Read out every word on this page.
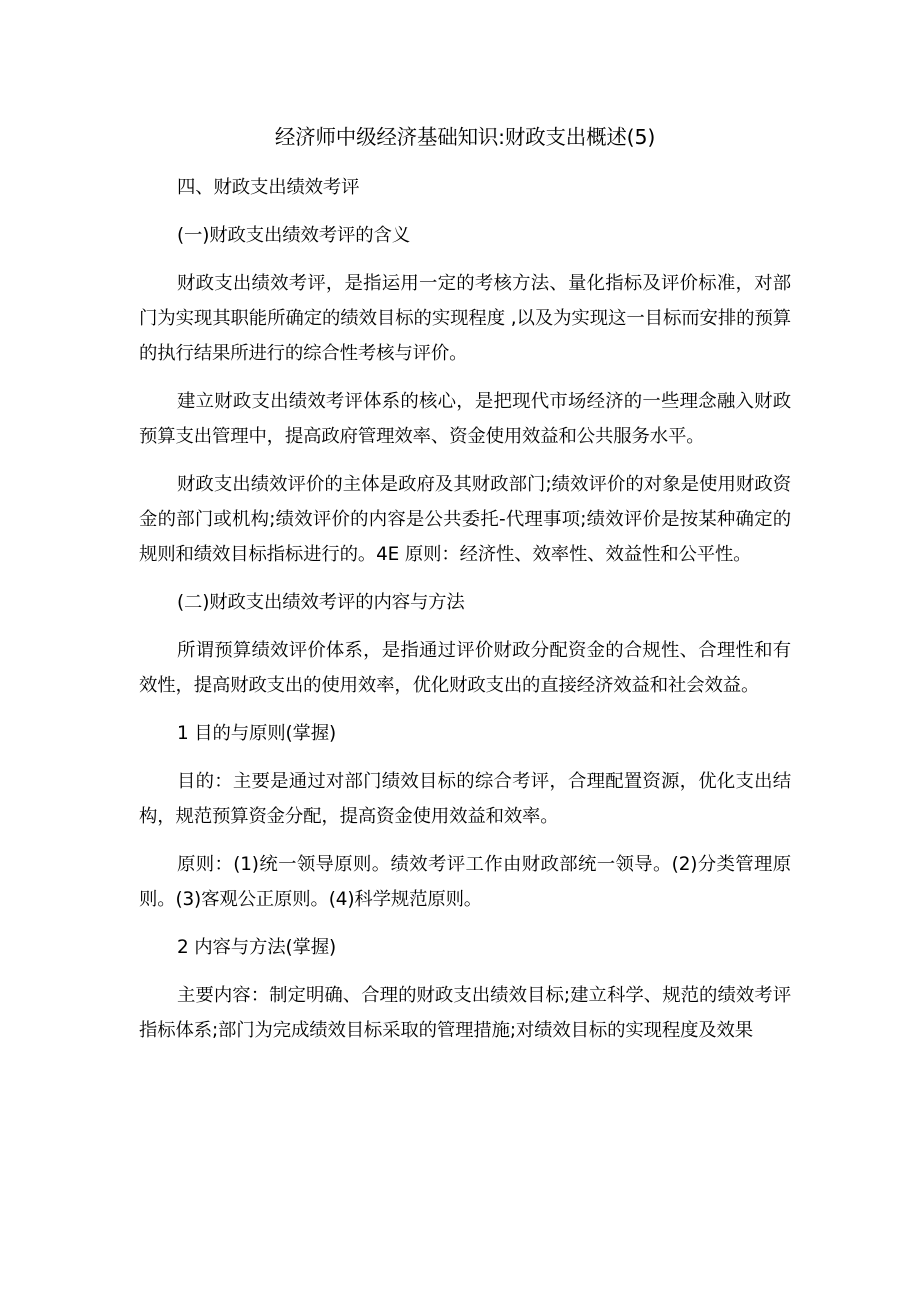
经济师中级经济基础知识:财政支出概述(5)

四、财政支出绩效考评

(一)财政支出绩效考评的含义

财政支出绩效考评，是指运用一定的考核方法、量化指标及评价标准，对部门为实现其职能所确定的绩效目标的实现程度 ,以及为实现这一目标而安排的预算的执行结果所进行的综合性考核与评价。

建立财政支出绩效考评体系的核心，是把现代市场经济的一些理念融入财政预算支出管理中，提高政府管理效率、资金使用效益和公共服务水平。

财政支出绩效评价的主体是政府及其财政部门;绩效评价的对象是使用财政资金的部门或机构;绩效评价的内容是公共委托-代理事项;绩效评价是按某种确定的规则和绩效目标指标进行的。4E 原则：经济性、效率性、效益性和公平性。

(二)财政支出绩效考评的内容与方法

所谓预算绩效评价体系，是指通过评价财政分配资金的合规性、合理性和有效性，提高财政支出的使用效率，优化财政支出的直接经济效益和社会效益。

1 目的与原则(掌握)

目的：主要是通过对部门绩效目标的综合考评，合理配置资源，优化支出结构，规范预算资金分配，提高资金使用效益和效率。

原则：(1)统一领导原则。绩效考评工作由财政部统一领导。(2)分类管理原则。(3)客观公正原则。(4)科学规范原则。

2 内容与方法(掌握)

主要内容：制定明确、合理的财政支出绩效目标;建立科学、规范的绩效考评指标体系;部门为完成绩效目标采取的管理措施;对绩效目标的实现程度及效果
